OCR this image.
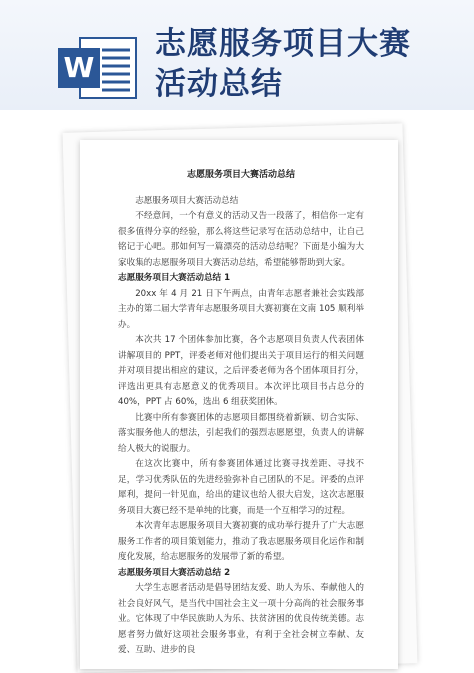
W
志愿服务项目大赛
活动总结
志愿服务项目大赛活动总结

志愿服务项目大赛活动总结

不经意间，一个有意义的活动又告一段落了，相信你一定有很多值得分享的经验，那么将这些记录写在活动总结中，让自己铭记于心吧。那如何写一篇漂亮的活动总结呢？下面是小编为大家收集的志愿服务项目大赛活动总结，希望能够帮助到大家。

志愿服务项目大赛活动总结 1

20xx 年 4 月 21 日下午两点，由青年志愿者兼社会实践部主办的第二届大学青年志愿服务项目大赛初赛在文南 105 顺利举办。

本次共 17 个团体参加比赛，各个志愿项目负责人代表团体讲解项目的 PPT，评委老师对他们提出关于项目运行的相关问题并对项目提出相应的建议，之后评委老师为各个团体项目打分，评选出更具有志愿意义的优秀项目。本次评比项目书占总分的 40%，PPT 占 60%，选出 6 组获奖团体。

比赛中所有参赛团体的志愿项目都围绕着新颖、切合实际、落实服务他人的想法，引起我们的强烈志愿愿望，负责人的讲解给人极大的说服力。

在这次比赛中，所有参赛团体通过比赛寻找差距、寻找不足，学习优秀队伍的先进经验弥补自己团队的不足。评委的点评犀利，提问一针见血，给出的建议也给人很大启发，这次志愿服务项目大赛已经不是单纯的比赛，而是一个互相学习的过程。

本次青年志愿服务项目大赛初赛的成功举行提升了广大志愿服务工作者的项目策划能力，推动了我志愿服务项目化运作和制度化发展，给志愿服务的发展带了新的希望。

志愿服务项目大赛活动总结 2

大学生志愿者活动是倡导团结友爱、助人为乐、奉献他人的社会良好风气，是当代中国社会主义一项十分高尚的社会服务事业。它体现了中华民族助人为乐、扶贫济困的优良传统美德。志愿者努力做好这项社会服务事业，有利于全社会树立奉献、友爱、互助、进步的良
